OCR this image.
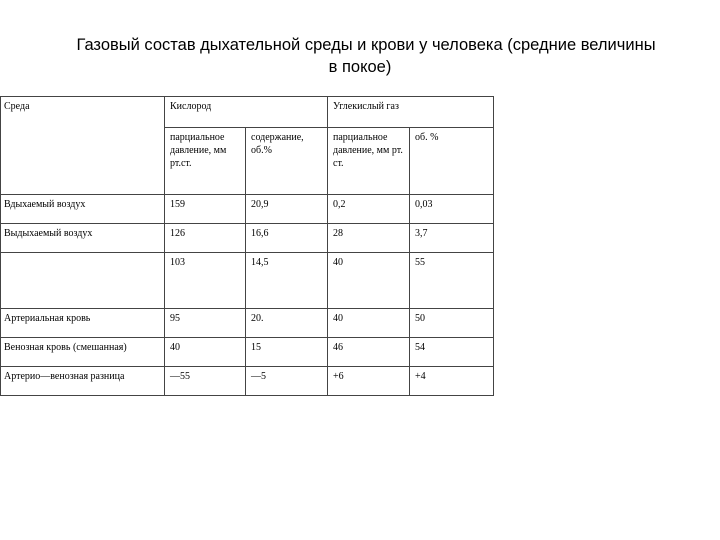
Газовый состав дыхательной среды и крови у человека (средние величины
в покое)
Среда	Кислород		Углекислый газ	
	парциальное давление, мм рт.ст.	содержание, об.%	парциальное давление, мм рт. ст.	об. %
Вдыхаемый воздух	159	20,9	0,2	0,03
Выдыхаемый воздух	126	16,6	28	3,7
	103	14,5	40	55
Артериальная кровь	95	20.	40	50
Венозная кровь (смешанная)	40	15	46	54
Артерио—венозная разница	—55	—5	+6	+4
